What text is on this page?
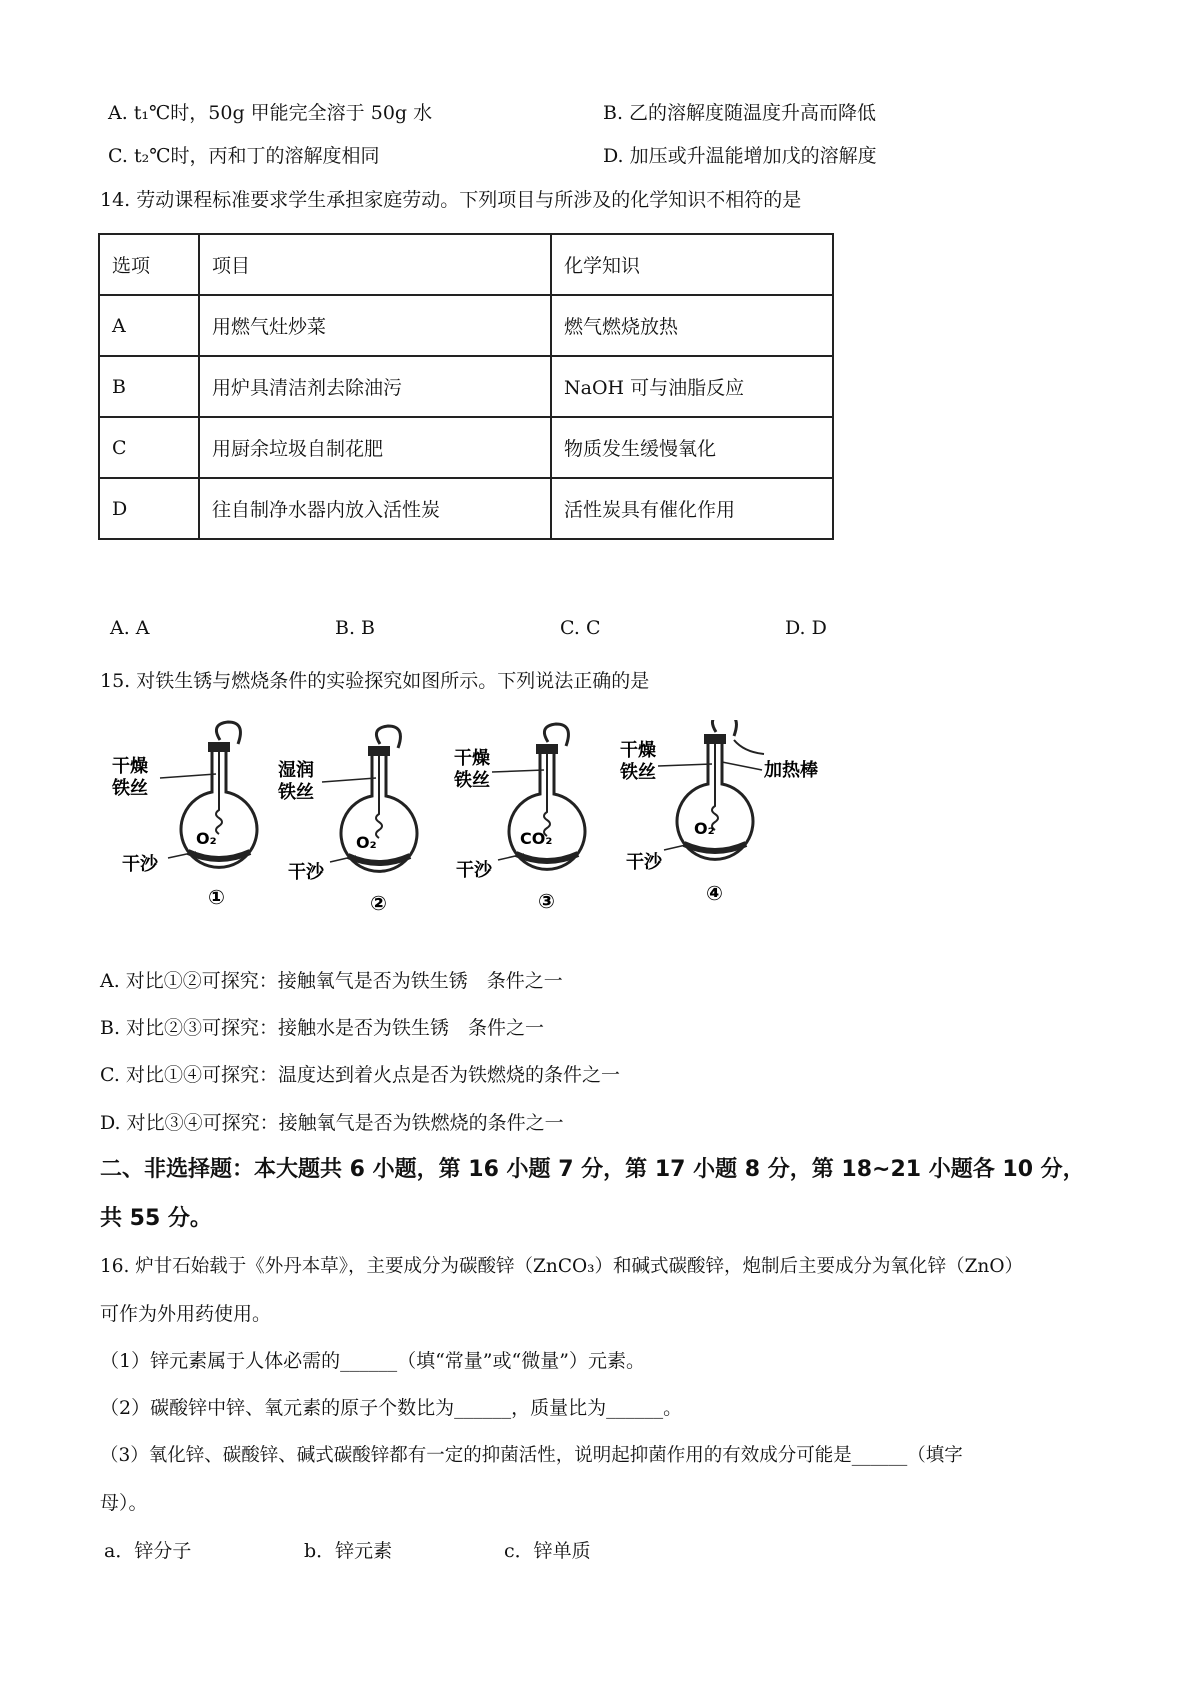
A. t₁℃时，50g 甲能完全溶于 50g 水	B. 乙的溶解度随温度升高而降低
C. t₂℃时，丙和丁的溶解度相同	D. 加压或升温能增加戊的溶解度
14. 劳动课程标准要求学生承担家庭劳动。下列项目与所涉及的化学知识不相符的是
选项	项目	化学知识
A	用燃气灶炒菜	燃气燃烧放热
B	用炉具清洁剂去除油污	NaOH 可与油脂反应
C	用厨余垃圾自制花肥	物质发生缓慢氧化
D	往自制净水器内放入活性炭	活性炭具有催化作用
A. A	B. B	C. C	D. D
15. 对铁生锈与燃烧条件的实验探究如图所示。下列说法正确的是
干燥铁丝
O₂
干沙
①
湿润铁丝
O₂
干沙
②
干燥铁丝
CO₂
干沙
③
干燥铁丝	加热棒
O₂
干沙
④
A. 对比①②可探究：接触氧气是否为铁生锈　条件之一
B. 对比②③可探究：接触水是否为铁生锈　条件之一
C. 对比①④可探究：温度达到着火点是否为铁燃烧的条件之一
D. 对比③④可探究：接触氧气是否为铁燃烧的条件之一
二、非选择题：本大题共 6 小题，第 16 小题 7 分，第 17 小题 8 分，第 18~21 小题各 10 分，
共 55 分。
16. 炉甘石始载于《外丹本草》，主要成分为碳酸锌（ZnCO₃）和碱式碳酸锌，炮制后主要成分为氧化锌（ZnO）
可作为外用药使用。
（1）锌元素属于人体必需的______（填“常量”或“微量”）元素。
（2）碳酸锌中锌、氧元素的原子个数比为______，质量比为______。
（3）氧化锌、碳酸锌、碱式碳酸锌都有一定的抑菌活性，说明起抑菌作用的有效成分可能是______（填字
母）。
a．锌分子	b．锌元素	c．锌单质
